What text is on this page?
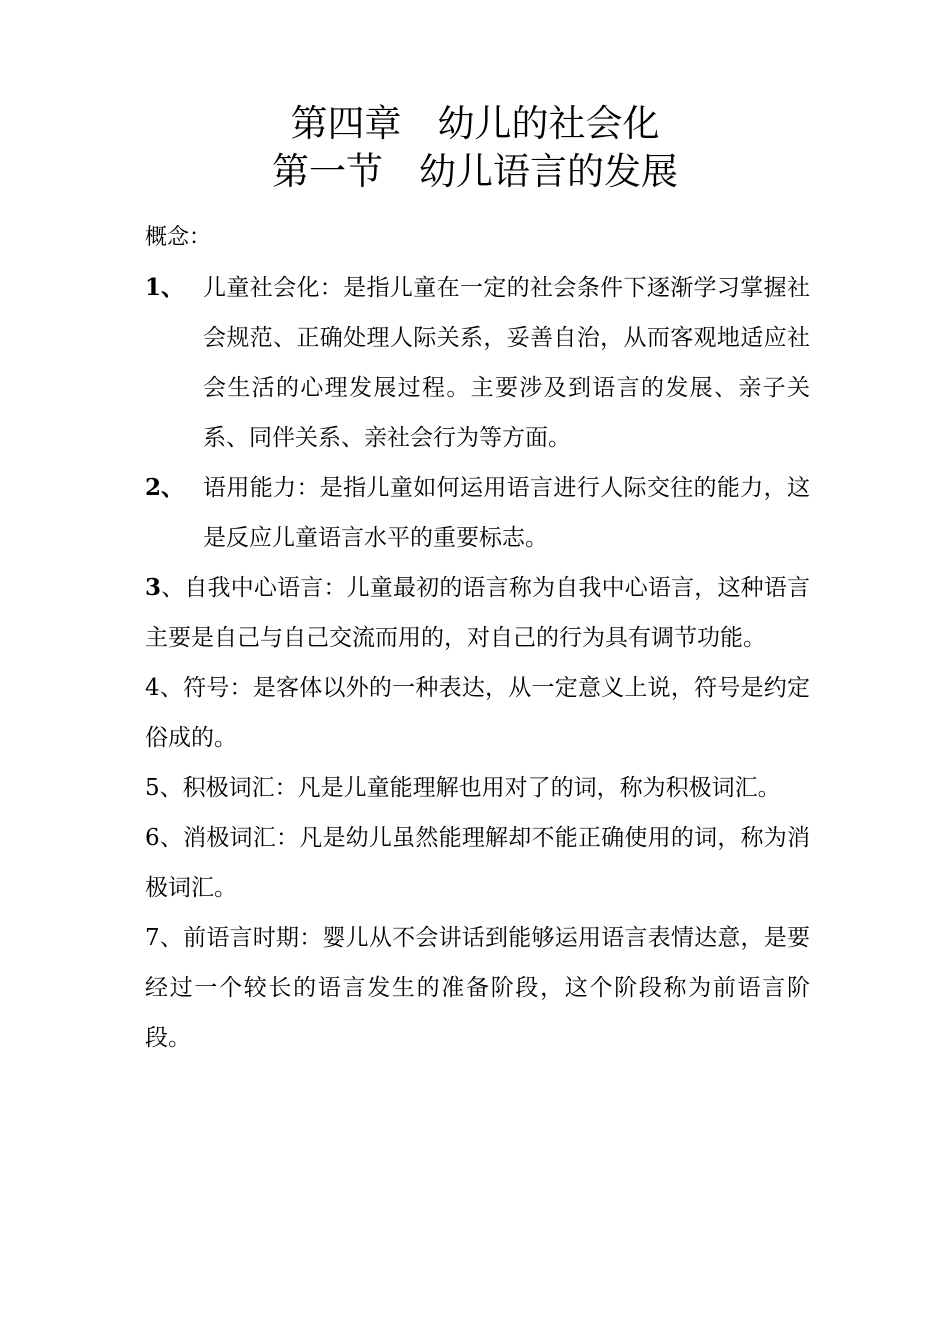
第四章 幼儿的社会化
第一节 幼儿语言的发展
概念：
1、 儿童社会化：是指儿童在一定的社会条件下逐渐学习掌握社会规范、正确处理人际关系，妥善自治，从而客观地适应社会生活的心理发展过程。主要涉及到语言的发展、亲子关系、同伴关系、亲社会行为等方面。
2、 语用能力：是指儿童如何运用语言进行人际交往的能力，这是反应儿童语言水平的重要标志。
3、自我中心语言：儿童最初的语言称为自我中心语言，这种语言主要是自己与自己交流而用的，对自己的行为具有调节功能。
4、符号：是客体以外的一种表达，从一定意义上说，符号是约定俗成的。
5、积极词汇：凡是儿童能理解也用对了的词，称为积极词汇。
6、消极词汇：凡是幼儿虽然能理解却不能正确使用的词，称为消极词汇。
7、前语言时期：婴儿从不会讲话到能够运用语言表情达意，是要经过一个较长的语言发生的准备阶段，这个阶段称为前语言阶段。
